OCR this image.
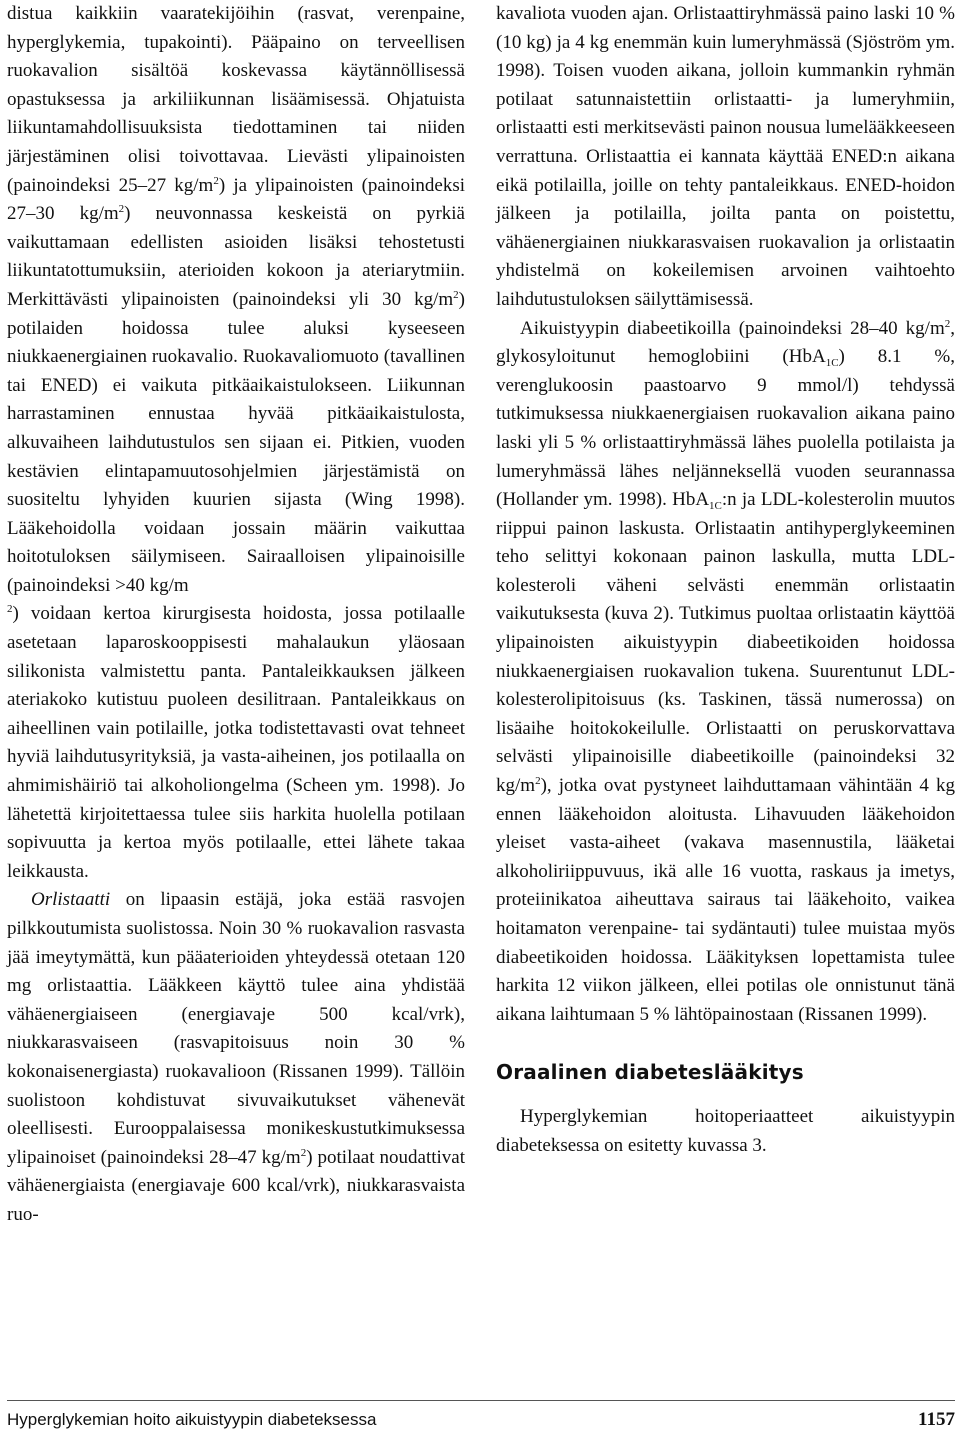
distua kaikkiin vaaratekijöihin (rasvat, verenpaine, hyperglykemia, tupakointi). Pääpaino on terveellisen ruokavalion sisältöä koskevassa käytännöllisessä opastuksessa ja arkiliikunnan lisäämisessä. Ohjatuista liikuntamahdollisuuksista tiedottaminen tai niiden järjestäminen olisi toivottavaa. Lievästi ylipainoisten (painoindeksi 25–27 $kg/m^2$) ja ylipainoisten (painoindeksi 27–30 $kg/m^2$) neuvonnassa keskeistä on pyrkiä vaikuttamaan edellisten asioiden lisäksi tehostetusti liikuntatottumuksiin, aterioiden kokoon ja ateriarytmiin. Merkittävästi ylipainoisten (painoindeksi yli 30 $kg/m^2$) potilaiden hoidossa tulee aluksi kyseeseen niukkaenergiainen ruokavalio. Ruokavaliomuoto (tavallinen tai ENED) ei vaikuta pitkäaikaistulokseen. Liikunnan harrastaminen ennustaa hyvää pitkäaikaistulosta, alkuvaiheen laihdutustulos sen sijaan ei. Pitkien, vuoden kestävien elintapamuutosohjelmien järjestämistä on suositeltu lyhyiden kuurien sijasta (Wing 1998). Lääkehoidolla voidaan jossain määrin vaikuttaa hoitotuloksen säilymiseen. Sairaalloisen ylipainoisille (painoindeksi >40 kg/m
$^2$) voidaan kertoa kirurgisesta hoidosta, jossa potilaalle asetetaan laparoskooppisesti mahalaukun yläosaan silikonista valmistettu panta. Pantaleikkauksen jälkeen ateriakoko kutistuu puoleen desilitraan. Pantaleikkaus on aiheellinen vain potilaille, jotka todistettavasti ovat tehneet hyviä laihdutusyrityksiä, ja vasta-aiheinen, jos potilaalla on ahmimishäiriö tai alkoholiongelma (Scheen ym. 1998). Jo lähetettä kirjoitettaessa tulee siis harkita huolella potilaan sopivuutta ja kertoa myös potilaalle, ettei lähete takaa leikkausta.

Orlistaatti on lipaasin estäjä, joka estää rasvojen pilkkoutumista suolistossa. Noin 30 % ruokavalion rasvasta jää imeytymättä, kun pääaterioiden yhteydessä otetaan 120 mg orlistaattia. Lääkkeen käyttö tulee aina yhdistää vähäenergiaiseen (energiavaje 500 kcal/vrk), niukkarasvaiseen (rasvapitoisuus noin 30 % kokonaisenergiasta) ruokavalioon (Rissanen 1999). Tällöin suolistoon kohdistuvat sivuvaikutukset vähenevät oleellisesti. Eurooppalaisessa monikeskustutkimuksessa ylipainoiset (painoindeksi 28–47 $kg/m^2$) potilaat noudattivat vähäenergiaista (energiavaje 600 kcal/vrk), niukkarasvaista ruo-

kavaliota vuoden ajan. Orlistaattiryhmässä paino laski 10 % (10 kg) ja 4 kg enemmän kuin lumeryhmässä (Sjöström ym. 1998). Toisen vuoden aikana, jolloin kummankin ryhmän potilaat satunnaistettiin orlistaatti- ja lumeryhmiin, orlistaatti esti merkitsevästi painon nousua lumelääkkeeseen verrattuna. Orlistaattia ei kannata käyttää ENED:n aikana eikä potilailla, joille on tehty pantaleikkaus. ENED-hoidon jälkeen ja potilailla, joilta panta on poistettu, vähäenergiainen niukkarasvaisen ruokavalion ja orlistaatin yhdistelmä on kokeilemisen arvoinen vaihtoehto laihdutustuloksen säilyttämisessä.

Aikuistyypin diabeetikoilla (painoindeksi 28–40 $kg/m^2$, glykosyloitunut hemoglobiini (HbA$_{1C}$) 8.1 %, verenglukoosin paastoarvo 9 mmol/l) tehdyssä tutkimuksessa niukkaenergiaisen ruokavalion aikana paino laski yli 5 % orlistaattiryhmässä lähes puolella potilaista ja lumeryhmässä lähes neljänneksellä vuoden seurannassa (Hollander ym. 1998). HbA$_{1C}$:n ja LDL-kolesterolin muutos riippui painon laskusta. Orlistaatin antihyperglykeeminen teho selittyi kokonaan painon laskulla, mutta LDL-kolesteroli väheni selvästi enemmän orlistaatin vaikutuksesta (kuva 2). Tutkimus puoltaa orlistaatin käyttöä ylipainoisten aikuistyypin diabeetikoiden hoidossa niukkaenergiaisen ruokavalion tukena. Suurentunut LDL-kolesterolipitoisuus (ks. Taskinen, tässä numerossa) on lisäaihe hoitokokeilulle. Orlistaatti on peruskorvattava selvästi ylipainoisille diabeetikoille (painoindeksi 32 $kg/m^2$), jotka ovat pystyneet laihduttamaan vähintään 4 kg ennen lääkehoidon aloitusta. Lihavuuden lääkehoidon yleiset vasta-aiheet (vakava masennustila, lääketai alkoholiriippuvuus, ikä alle 16 vuotta, raskaus ja imetys, proteiinikatoa aiheuttava sairaus tai lääkehoito, vaikea hoitamaton verenpaine- tai sydäntauti) tulee muistaa myös diabeetikoiden hoidossa. Lääkityksen lopettamista tulee harkita 12 viikon jälkeen, ellei potilas ole onnistunut tänä aikana laihtumaan 5 % lähtöpainostaan (Rissanen 1999).

Oraalinen diabeteslääkitys

Hyperglykemian hoitoperiaatteet aikuistyypin diabeteksessa on esitetty kuvassa 3.

Hyperglykemian hoito aikuistyypin diabeteksessa	1157
